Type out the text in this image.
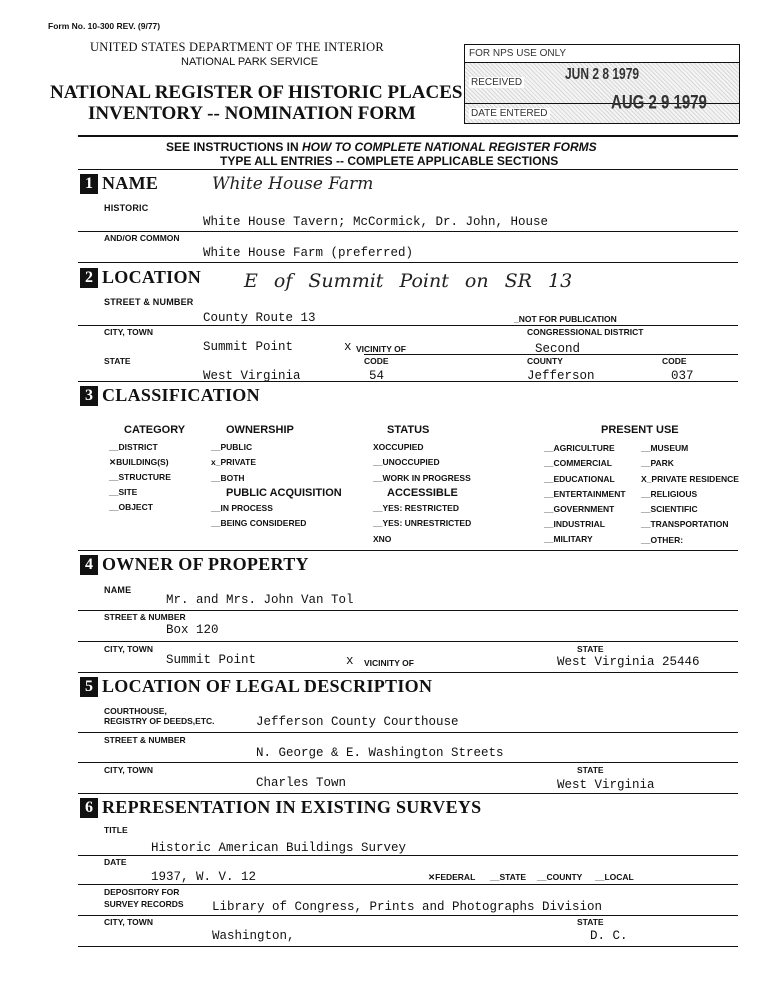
Form No. 10-300 REV. (9/77)
UNITED STATES DEPARTMENT OF THE INTERIOR
NATIONAL PARK SERVICE
NATIONAL REGISTER OF HISTORIC PLACES
INVENTORY -- NOMINATION FORM
FOR NPS USE ONLY
RECEIVED	JUN 2 8 1979
DATE ENTERED	AUG 2 9 1979
SEE INSTRUCTIONS IN HOW TO COMPLETE NATIONAL REGISTER FORMS
TYPE ALL ENTRIES -- COMPLETE APPLICABLE SECTIONS
1 NAME	White House Farm
HISTORIC
White House Tavern; McCormick, Dr. John, House
AND/OR COMMON
White House Farm (preferred)
2 LOCATION E of Summit Point on SR 13
STREET & NUMBER
County Route 13	_NOT FOR PUBLICATION
CITY, TOWN	CONGRESSIONAL DISTRICT
Summit Point	x VICINITY OF	Second
STATE	CODE	COUNTY	CODE
West Virginia	54	Jefferson	037
3 CLASSIFICATION
CATEGORY	OWNERSHIP	STATUS	PRESENT USE
__DISTRICT
✕BUILDING(S)
__STRUCTURE
__SITE
__OBJECT
__PUBLIC
x_PRIVATE
__BOTH
PUBLIC ACQUISITION
__IN PROCESS
__BEING CONSIDERED
XOCCUPIED
__UNOCCUPIED
__WORK IN PROGRESS
ACCESSIBLE
__YES: RESTRICTED
__YES: UNRESTRICTED
XNO
__AGRICULTURE
__COMMERCIAL
__EDUCATIONAL
__ENTERTAINMENT
__GOVERNMENT
__INDUSTRIAL
__MILITARY
__MUSEUM
__PARK
X_PRIVATE RESIDENCE
__RELIGIOUS
__SCIENTIFIC
__TRANSPORTATION
__OTHER:
4 OWNER OF PROPERTY
NAME
Mr. and Mrs. John Van Tol
STREET & NUMBER
Box 120
CITY, TOWN	STATE
Summit Point	x VICINITY OF	West Virginia 25446
5 LOCATION OF LEGAL DESCRIPTION
COURTHOUSE,
REGISTRY OF DEEDS,ETC.	Jefferson County Courthouse
STREET & NUMBER
N. George & E. Washington Streets
CITY, TOWN	STATE
Charles Town	West Virginia
6 REPRESENTATION IN EXISTING SURVEYS
TITLE
Historic American Buildings Survey
DATE
1937, W. V. 12	✕FEDERAL __STATE __COUNTY __LOCAL
DEPOSITORY FOR
SURVEY RECORDS Library of Congress, Prints and Photographs Division
CITY, TOWN	STATE
Washington,	D. C.
